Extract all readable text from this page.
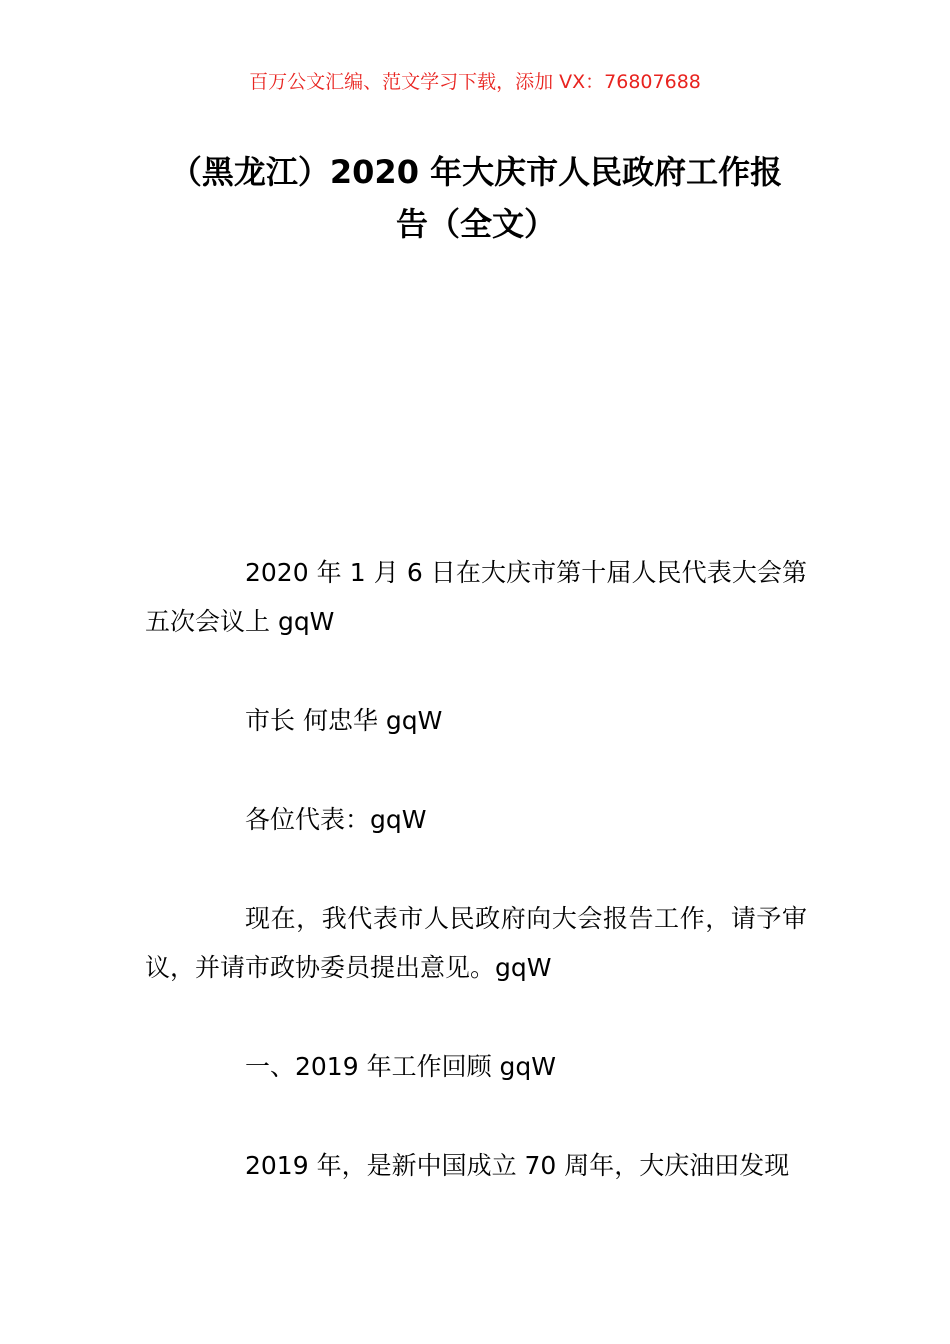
百万公文汇编、范文学习下载，添加 VX：76807688
（黑龙江）2020 年大庆市人民政府工作报
告（全文）

2020 年 1 月 6 日在大庆市第十届人民代表大会第五次会议上 gqW

市长 何忠华 gqW

各位代表：gqW

现在，我代表市人民政府向大会报告工作，请予审议，并请市政协委员提出意见。gqW

一、2019 年工作回顾 gqW

2019 年，是新中国成立 70 周年，大庆油田发现
